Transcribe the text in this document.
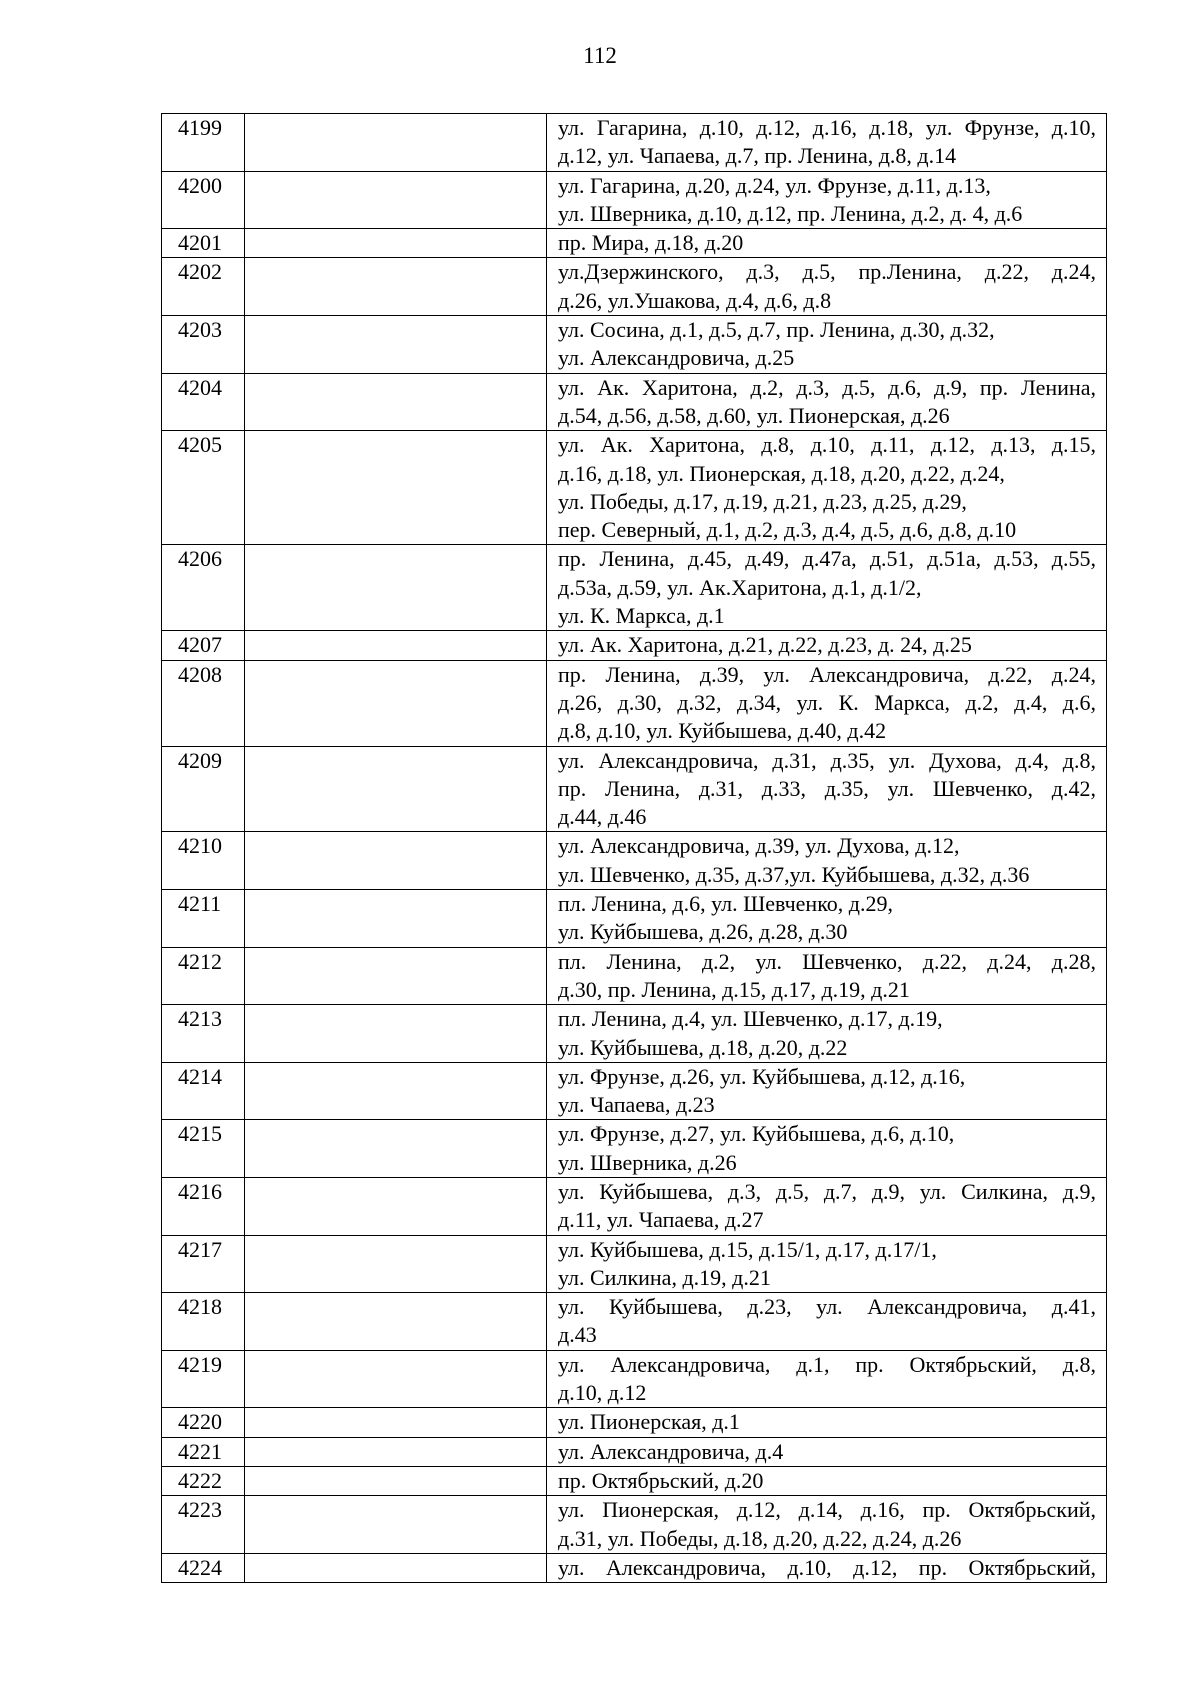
112
4199		ул. Гагарина, д.10, д.12, д.16, д.18, ул. Фрунзе, д.10,
д.12, ул. Чапаева, д.7, пр. Ленина, д.8, д.14

4200		ул. Гагарина, д.20, д.24, ул. Фрунзе, д.11, д.13,
ул. Шверника, д.10, д.12, пр. Ленина, д.2, д. 4, д.6

4201		пр. Мира, д.18, д.20

4202		ул.Дзержинского, д.3, д.5, пр.Ленина, д.22, д.24,
д.26, ул.Ушакова, д.4, д.6, д.8

4203		ул. Сосина, д.1, д.5, д.7, пр. Ленина, д.30, д.32,
ул. Александровича, д.25

4204		ул. Ак. Харитона, д.2, д.3, д.5, д.6, д.9, пр. Ленина,
д.54, д.56, д.58, д.60, ул. Пионерская, д.26

4205		ул. Ак. Харитона, д.8, д.10, д.11, д.12, д.13, д.15,
д.16, д.18, ул. Пионерская, д.18, д.20, д.22, д.24,
ул. Победы, д.17, д.19, д.21, д.23, д.25, д.29,
пер. Северный, д.1, д.2, д.3, д.4, д.5, д.6, д.8, д.10

4206		пр. Ленина, д.45, д.49, д.47а, д.51, д.51а, д.53, д.55,
д.53а, д.59, ул. Ак.Харитона, д.1, д.1/2,
ул. К. Маркса, д.1

4207		ул. Ак. Харитона, д.21, д.22, д.23, д. 24, д.25

4208		пр. Ленина, д.39, ул. Александровича, д.22, д.24,
д.26, д.30, д.32, д.34, ул. К. Маркса, д.2, д.4, д.6,
д.8, д.10, ул. Куйбышева, д.40, д.42

4209		ул. Александровича, д.31, д.35, ул. Духова, д.4, д.8,
пр. Ленина, д.31, д.33, д.35, ул. Шевченко, д.42,
д.44, д.46

4210		ул. Александровича, д.39, ул. Духова, д.12,
ул. Шевченко, д.35, д.37,ул. Куйбышева, д.32, д.36

4211		пл. Ленина, д.6, ул. Шевченко, д.29,
ул. Куйбышева, д.26, д.28, д.30

4212		пл. Ленина, д.2, ул. Шевченко, д.22, д.24, д.28,
д.30, пр. Ленина, д.15, д.17, д.19, д.21

4213		пл. Ленина, д.4, ул. Шевченко, д.17, д.19,
ул. Куйбышева, д.18, д.20, д.22

4214		ул. Фрунзе, д.26, ул. Куйбышева, д.12, д.16,
ул. Чапаева, д.23

4215		ул. Фрунзе, д.27, ул. Куйбышева, д.6, д.10,
ул. Шверника, д.26

4216		ул. Куйбышева, д.3, д.5, д.7, д.9, ул. Силкина, д.9,
д.11, ул. Чапаева, д.27

4217		ул. Куйбышева, д.15, д.15/1, д.17, д.17/1,
ул. Силкина, д.19, д.21

4218		ул. Куйбышева, д.23, ул. Александровича, д.41,
д.43

4219		ул. Александровича, д.1, пр. Октябрьский, д.8,
д.10, д.12

4220		ул. Пионерская, д.1

4221		ул. Александровича, д.4

4222		пр. Октябрьский, д.20

4223		ул. Пионерская, д.12, д.14, д.16, пр. Октябрьский,
д.31, ул. Победы, д.18, д.20, д.22, д.24, д.26

4224		ул. Александровича, д.10, д.12, пр. Октябрьский,
